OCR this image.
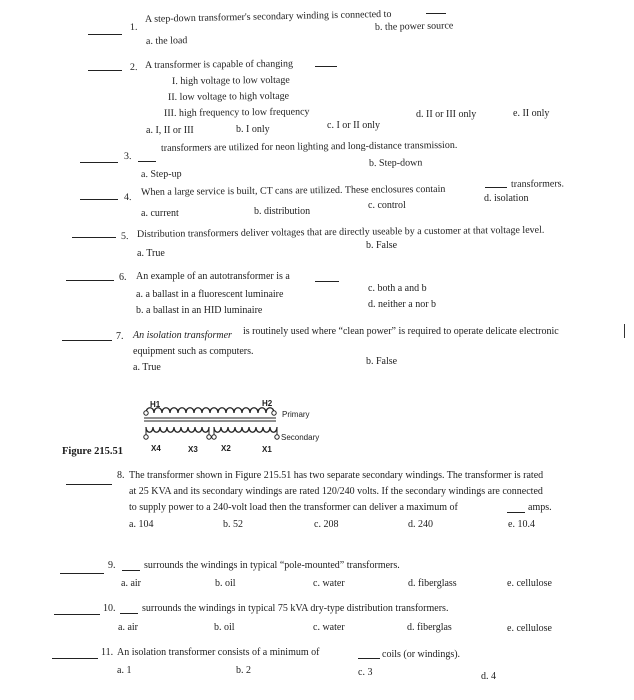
1.
A step-down transformer's secondary winding is connected to
a. the load
b. the power source
2. A transformer is capable of changing
I. high voltage to low voltage
II. low voltage to high voltage
III. high frequency to low frequency
a. I, II or III	b. I only	c. I or II only
d. II or III only	e. II only
3.
transformers are utilized for neon lighting and long-distance transmission.
a. Step-up
b. Step-down
4. When a large service is built, CT cans are utilized. These enclosures contain	transformers.
a. current	b. distribution
c. control
d. isolation
5. Distribution transformers deliver voltages that are directly useable by a customer at that voltage level.
a. True
b. False
6. An example of an autotransformer is a
a. a ballast in a fluorescent luminaire
b. a ballast in an HID luminaire
c. both a and b
d. neither a nor b
7. An isolation transformer is routinely used where “clean power” is required to operate delicate electronic
equipment such as computers.
a. True
b. False
Figure 215.51
H1	H2
Primary
Secondary
X4	X3	X2	X1
8. The transformer shown in Figure 215.51 has two separate secondary windings. The transformer is rated
at 25 KVA and its secondary windings are rated 120/240 volts. If the secondary windings are connected
to supply power to a 240-volt load then the transformer can deliver a maximum of	amps.
a. 104	b. 52	c. 208	d. 240	e. 10.4
9.	surrounds the windings in typical “pole-mounted” transformers.
a. air	b. oil	c. water	d. fiberglass	e. cellulose
10.	surrounds the windings in typical 75 kVA dry-type distribution transformers.
a. air	b. oil	c. water	d. fiberglas	e. cellulose
11. An isolation transformer consists of a minimum of	coils (or windings).
a. 1	b. 2	c. 3	d. 4
